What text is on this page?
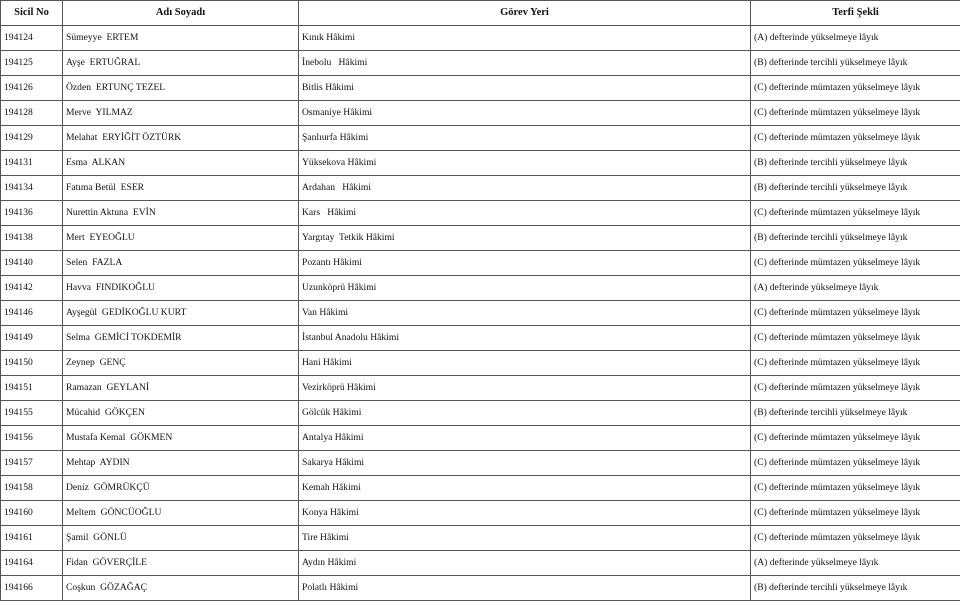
Sicil No	Adı Soyadı	Görev Yeri	Terfi Şekli
194124	Sümeyye  ERTEM	Kınık Hâkimi	(A) defterinde yükselmeye lâyık
194125	Ayşe  ERTUĞRAL	İnebolu   Hâkimi	(B) defterinde tercihli yükselmeye lâyık
194126	Özden  ERTUNÇ TEZEL	Bitlis Hâkimi	(C) defterinde mümtazen yükselmeye lâyık
194128	Merve  YILMAZ	Osmaniye Hâkimi	(C) defterinde mümtazen yükselmeye lâyık
194129	Melahat  ERYİĞİT ÖZTÜRK	Şanlıurfa Hâkimi	(C) defterinde mümtazen yükselmeye lâyık
194131	Esma  ALKAN	Yüksekova Hâkimi	(B) defterinde tercihli yükselmeye lâyık
194134	Fatıma Betül  ESER	Ardahan   Hâkimi	(B) defterinde tercihli yükselmeye lâyık
194136	Nurettin Aktuna  EVİN	Kars   Hâkimi	(C) defterinde mümtazen yükselmeye lâyık
194138	Mert  EYEOĞLU	Yargıtay  Tetkik Hâkimi	(B) defterinde tercihli yükselmeye lâyık
194140	Selen  FAZLA	Pozantı Hâkimi	(C) defterinde mümtazen yükselmeye lâyık
194142	Havva  FINDIKOĞLU	Uzunköprü Hâkimi	(A) defterinde yükselmeye lâyık
194146	Ayşegül  GEDİKOĞLU KURT	Van Hâkimi	(C) defterinde mümtazen yükselmeye lâyık
194149	Selma  GEMİCİ TOKDEMİR	İstanbul Anadolu Hâkimi	(C) defterinde mümtazen yükselmeye lâyık
194150	Zeynep  GENÇ	Hani Hâkimi	(C) defterinde mümtazen yükselmeye lâyık
194151	Ramazan  GEYLANİ	Vezirköprü Hâkimi	(C) defterinde mümtazen yükselmeye lâyık
194155	Mücahid  GÖKÇEN	Gölcük Hâkimi	(B) defterinde tercihli yükselmeye lâyık
194156	Mustafa Kemal  GÖKMEN	Antalya Hâkimi	(C) defterinde mümtazen yükselmeye lâyık
194157	Mehtap  AYDIN	Sakarya Hâkimi	(C) defterinde mümtazen yükselmeye lâyık
194158	Deniz  GÖMRÜKÇÜ	Kemah Hâkimi	(C) defterinde mümtazen yükselmeye lâyık
194160	Meltem  GÖNCÜOĞLU	Konya Hâkimi	(C) defterinde mümtazen yükselmeye lâyık
194161	Şamil  GÖNLÜ	Tire Hâkimi	(C) defterinde mümtazen yükselmeye lâyık
194164	Fidan  GÖVERÇİLE	Aydın Hâkimi	(A) defterinde yükselmeye lâyık
194166	Coşkun  GÖZAĞAÇ	Polatlı Hâkimi	(B) defterinde tercihli yükselmeye lâyık
